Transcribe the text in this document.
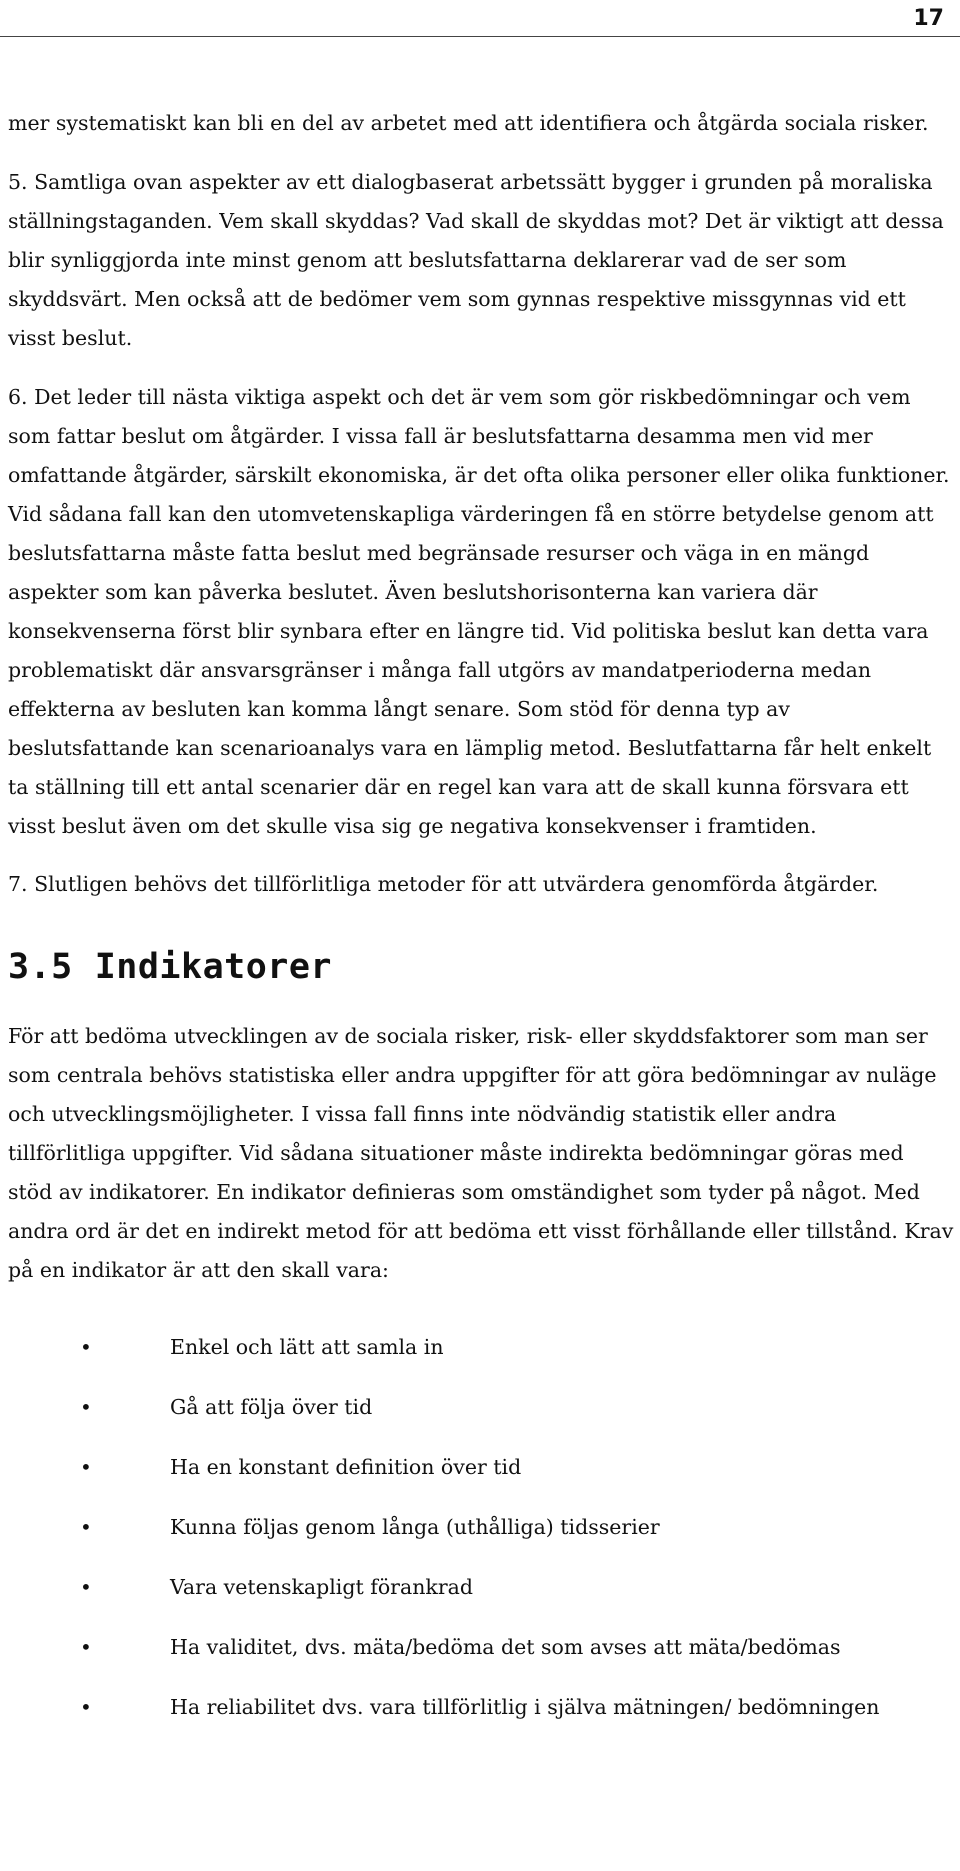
17

mer systematiskt kan bli en del av arbetet med att identifiera och åtgärda sociala risker.

5. Samtliga ovan aspekter av ett dialogbaserat arbetssätt bygger i grunden på moraliska ställningstaganden. Vem skall skyddas? Vad skall de skyddas mot? Det är viktigt att dessa blir synliggjorda inte minst genom att beslutsfattarna deklarerar vad de ser som skyddsvärt. Men också att de bedömer vem som gynnas respektive missgynnas vid ett visst beslut.

6. Det leder till nästa viktiga aspekt och det är vem som gör riskbedömningar och vem som fattar beslut om åtgärder. I vissa fall är beslutsfattarna desamma men vid mer omfattande åtgärder, särskilt ekonomiska, är det ofta olika personer eller olika funktioner. Vid sådana fall kan den utomvetenskapliga värderingen få en större betydelse genom att beslutsfattarna måste fatta beslut med begränsade resurser och väga in en mängd aspekter som kan påverka beslutet. Även beslutshorisonterna kan variera där konsekvenserna först blir synbara efter en längre tid. Vid politiska beslut kan detta vara problematiskt där ansvarsgränser i många fall utgörs av mandatperioderna medan effekterna av besluten kan komma långt senare. Som stöd för denna typ av beslutsfattande kan scenarioanalys vara en lämplig metod. Beslutfattarna får helt enkelt ta ställning till ett antal scenarier där en regel kan vara att de skall kunna försvara ett visst beslut även om det skulle visa sig ge negativa konsekvenser i framtiden.

7. Slutligen behövs det tillförlitliga metoder för att utvärdera genomförda åtgärder.

3.5 Indikatorer

För att bedöma utvecklingen av de sociala risker, risk- eller skyddsfaktorer som man ser som centrala behövs statistiska eller andra uppgifter för att göra bedömningar av nuläge och utvecklingsmöjligheter. I vissa fall finns inte nödvändig statistik eller andra tillförlitliga uppgifter. Vid sådana situationer måste indirekta bedömningar göras med stöd av indikatorer. En indikator definieras som omständighet som tyder på något. Med andra ord är det en indirekt metod för att bedöma ett visst förhållande eller tillstånd. Krav på en indikator är att den skall vara:

•	Enkel och lätt att samla in
•	Gå att följa över tid
•	Ha en konstant definition över tid
•	Kunna följas genom långa (uthålliga) tidsserier
•	Vara vetenskapligt förankrad
•	Ha validitet, dvs. mäta/bedöma det som avses att mäta/bedömas
•	Ha reliabilitet dvs. vara tillförlitlig i själva mätningen/ bedömningen
